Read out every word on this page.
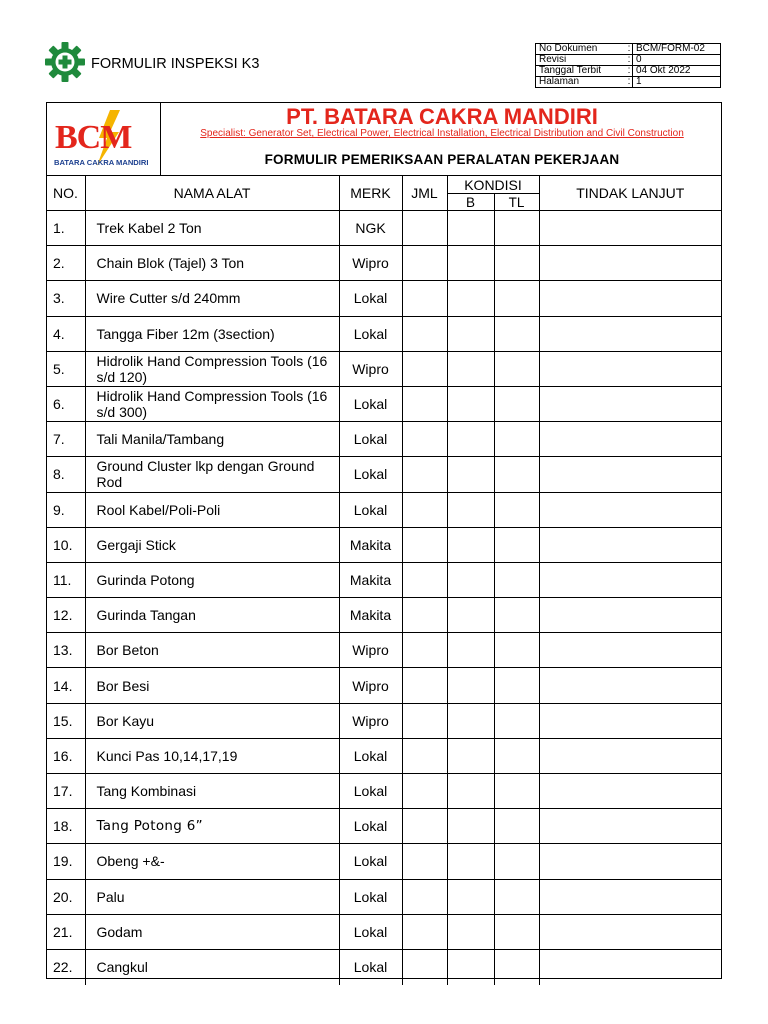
FORMULIR INSPEKSI K3
No Dokumen	:	BCM/FORM-02
Revisi	:	0
Tanggal Terbit	:	04 Okt 2022
Halaman	:	1
BCM
BATARA CAKRA MANDIRI
PT. BATARA CAKRA MANDIRI
Specialist: Generator Set, Electrical Power, Electrical Installation, Electrical Distribution and Civil Construction
FORMULIR PEMERIKSAAN PERALATAN PEKERJAAN
NO.	NAMA ALAT	MERK	JML	KONDISI		TINDAK LANJUT
				B	TL	
1.	Trek Kabel 2 Ton	NGK				
2.	Chain Blok (Tajel) 3 Ton	Wipro				
3.	Wire Cutter s/d 240mm	Lokal				
4.	Tangga Fiber 12m (3section)	Lokal				
5.	Hidrolik Hand Compression Tools (16 s/d 120)	Wipro				
6.	Hidrolik Hand Compression Tools (16 s/d 300)	Lokal				
7.	Tali Manila/Tambang	Lokal				
8.	Ground Cluster lkp dengan Ground Rod	Lokal				
9.	Rool Kabel/Poli-Poli	Lokal				
10.	Gergaji Stick	Makita				
11.	Gurinda Potong	Makita				
12.	Gurinda Tangan	Makita				
13.	Bor Beton	Wipro				
14.	Bor Besi	Wipro				
15.	Bor Kayu	Wipro				
16.	Kunci Pas 10,14,17,19	Lokal				
17.	Tang Kombinasi	Lokal				
18.	Tang Potong 6”	Lokal				
19.	Obeng +&-	Lokal				
20.	Palu	Lokal				
21.	Godam	Lokal				
22.	Cangkul	Lokal				
